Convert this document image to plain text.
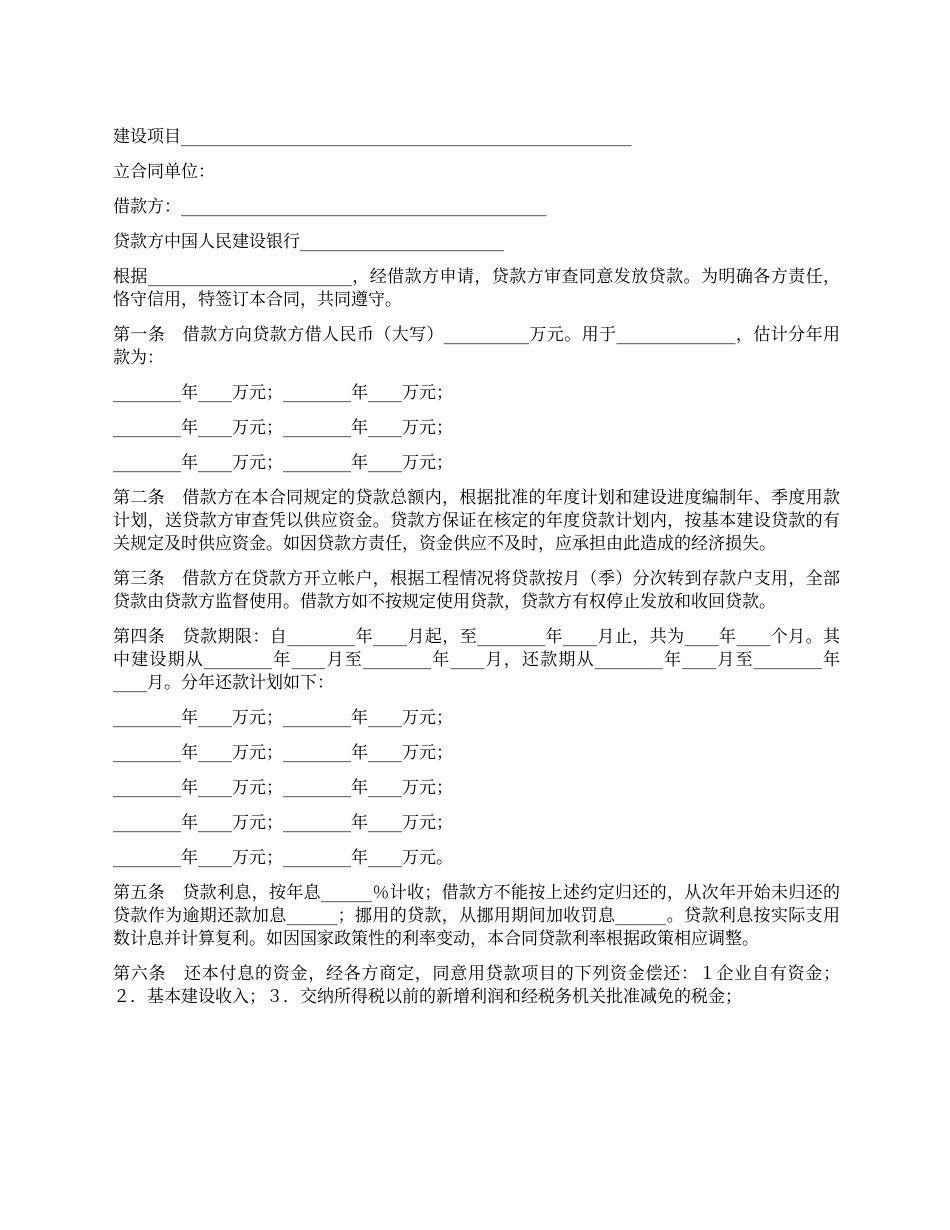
建设项目_____________________________________________________

立合同单位：

借款方：___________________________________________

贷款方中国人民建设银行________________________

根据________________________，经借款方申请，贷款方审查同意发放贷款。为明确各方责任，恪守信用，特签订本合同，共同遵守。

第一条　借款方向贷款方借人民币（大写）__________万元。用于______________，估计分年用款为：

________年____万元；________年____万元；

________年____万元；________年____万元；

________年____万元；________年____万元；

第二条　借款方在本合同规定的贷款总额内，根据批准的年度计划和建设进度编制年、季度用款计划，送贷款方审查凭以供应资金。贷款方保证在核定的年度贷款计划内，按基本建设贷款的有关规定及时供应资金。如因贷款方责任，资金供应不及时，应承担由此造成的经济损失。

第三条　借款方在贷款方开立帐户，根据工程情况将贷款按月（季）分次转到存款户支用，全部贷款由贷款方监督使用。借款方如不按规定使用贷款，贷款方有权停止发放和收回贷款。

第四条　贷款期限：自________年____月起，至________年____月止，共为____年____个月。其中建设期从________年____月至________年____月，还款期从________年____月至________年____月。分年还款计划如下：

________年____万元；________年____万元；

________年____万元；________年____万元；

________年____万元；________年____万元；

________年____万元；________年____万元；

________年____万元；________年____万元。

第五条　贷款利息，按年息______％计收；借款方不能按上述约定归还的，从次年开始未归还的贷款作为逾期还款加息______；挪用的贷款，从挪用期间加收罚息______。贷款利息按实际支用数计息并计算复利。如因国家政策性的利率变动，本合同贷款利率根据政策相应调整。

第六条　还本付息的资金，经各方商定，同意用贷款项目的下列资金偿还：１企业自有资金；２．基本建设收入；３．交纳所得税以前的新增利润和经税务机关批准减免的税金；
